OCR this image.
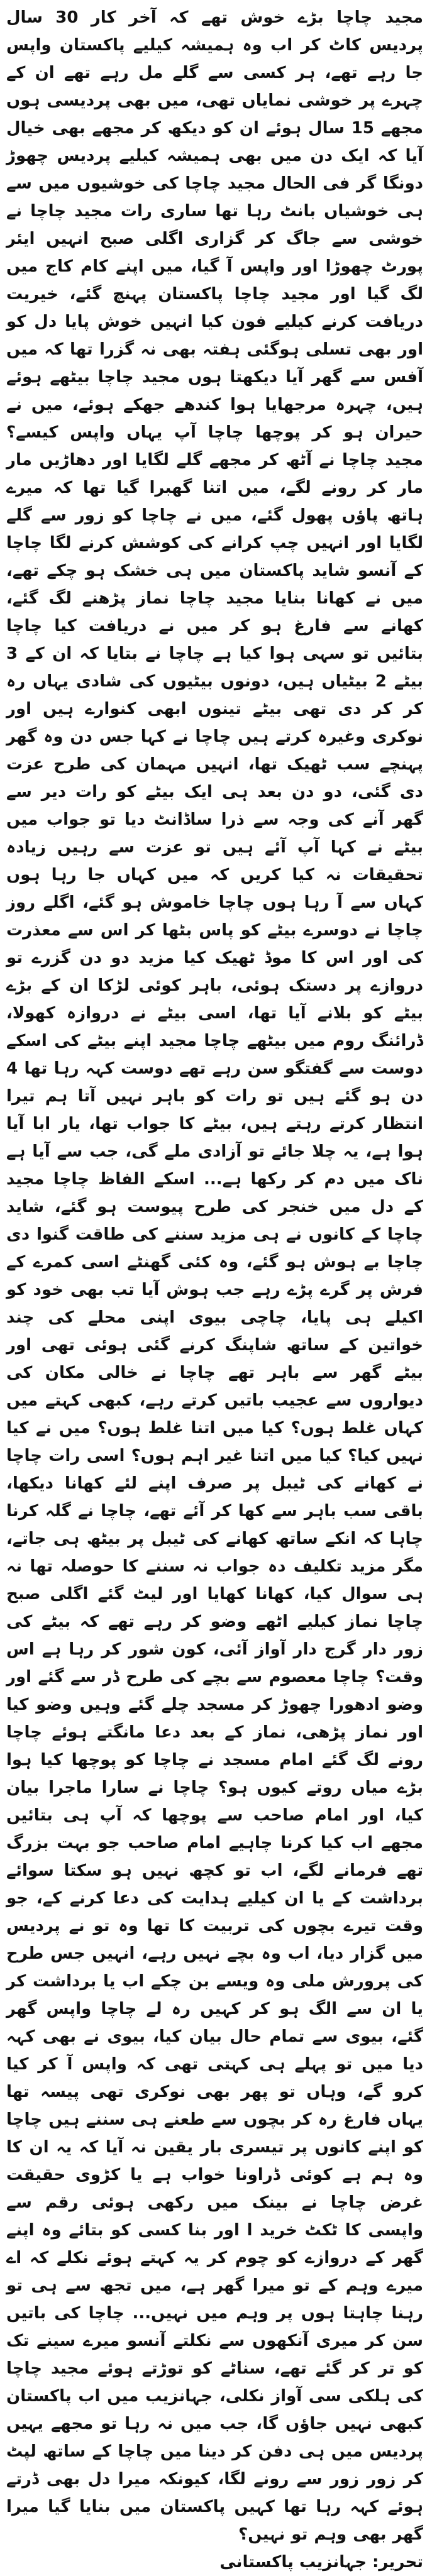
مجید چاچا بڑے خوش تھے کہ آخر کار 30 سال پردیس کاٹ کر اب وہ ہمیشہ کیلیے پاکستان واپس جا رہے تھے، ہر کسی سے گلے مل رہے تھے ان کے چہرے پر خوشی نمایاں تھی، میں بھی پردیسی ہوں مجھے 15 سال ہوئے ان کو دیکھ کر مجھے بھی خیال آیا کہ ایک دن میں بھی ہمیشہ کیلیے پردیس چھوڑ دونگا گر فی الحال مجید چاچا کی خوشیوں میں سے ہی خوشیاں بانٹ رہا تھا ساری رات مجید چاچا نے خوشی سے جاگ کر گزاری اگلی صبح انہیں ایئر پورٹ چھوڑا اور واپس آ گیا، میں اپنے کام کاج میں لگ گیا اور مجید چاچا پاکستان پہنچ گئے، خیریت دریافت کرنے کیلیے فون کیا انہیں خوش پایا دل کو اور بھی تسلی ہوگئی ہفتہ بھی نہ گزرا تھا کہ میں آفس سے گھر آیا دیکھتا ہوں مجید چاچا بیٹھے ہوئے ہیں، چہرہ مرجھایا ہوا کندھے جھکے ہوئے، میں نے حیران ہو کر پوچھا چاچا آپ یہاں واپس کیسے؟ مجید چاچا نے آٹھ کر مجھے گلے لگایا اور دھاڑیں مار مار کر رونے لگے، میں اتنا گھبرا گیا تھا کہ میرے ہاتھ پاؤں پھول گئے، میں نے چاچا کو زور سے گلے لگایا اور انہیں چپ کرانے کی کوشش کرنے لگا چاچا کے آنسو شاید پاکستان میں ہی خشک ہو چکے تھے، میں نے کھانا بنایا مجید چاچا نماز پڑھنے لگ گئے، کھانے سے فارغ ہو کر میں نے دریافت کیا چاچا بتائیں تو سہی ہوا کیا ہے چاچا نے بتایا کہ ان کے 3 بیٹے 2 بیٹیاں ہیں، دونوں بیٹیوں کی شادی یہاں رہ کر کر دی تھی بیٹے تینوں ابھی کنوارے ہیں اور نوکری وغیرہ کرتے ہیں چاچا نے کہا جس دن وہ گھر پہنچے سب ٹھیک تھا، انہیں مہمان کی طرح عزت دی گئی، دو دن بعد ہی ایک بیٹے کو رات دیر سے گھر آنے کی وجہ سے ذرا ساڈانٹ دیا تو جواب میں بیٹے نے کہا آپ آئے ہیں تو عزت سے رہیں زیادہ تحقیقات نہ کیا کریں کہ میں کہاں جا رہا ہوں کہاں سے آ رہا ہوں چاچا خاموش ہو گئے، اگلے روز چاچا نے دوسرے بیٹے کو پاس بٹھا کر اس سے معذرت کی اور اس کا موڈ ٹھیک کیا مزید دو دن گزرے تو دروازے پر دستک ہوئی، باہر کوئی لڑکا ان کے بڑے بیٹے کو بلانے آیا تھا، اسی بیٹے نے دروازہ کھولا، ڈرائنگ روم میں بیٹھے چاچا مجید اپنے بیٹے کی اسکے دوست سے گفتگو سن رہے تھے دوست کہہ رہا تھا 4 دن ہو گئے ہیں تو رات کو باہر نہیں آتا ہم تیرا انتظار کرتے رہتے ہیں، بیٹے کا جواب تھا، یار ابا آیا ہوا ہے، یہ چلا جائے تو آزادی ملے گی، جب سے آیا ہے ناک میں دم کر رکھا ہے... اسکے الفاظ چاچا مجید کے دل میں خنجر کی طرح پیوست ہو گئے، شاید چاچا کے کانوں نے ہی مزید سننے کی طاقت گنوا دی چاچا بے ہوش ہو گئے، وہ کئی گھنٹے اسی کمرے کے فرش پر گرے پڑے رہے جب ہوش آیا تب بھی خود کو اکیلے ہی پایا، چاچی بیوی اپنی محلے کی چند خواتین کے ساتھ شاپنگ کرنے گئی ہوئی تھی اور بیٹے گھر سے باہر تھے چاچا نے خالی مکان کی دیواروں سے عجیب باتیں کرتے رہے، کبھی کہتے میں کہاں غلط ہوں؟ کیا میں اتنا غلط ہوں؟ میں نے کیا نہیں کیا؟ کیا میں اتنا غیر اہم ہوں؟ اسی رات چاچا نے کھانے کی ٹیبل پر صرف اپنے لئے کھانا دیکھا، باقی سب باہر سے کھا کر آئے تھے، چاچا نے گلہ کرنا چاہا کہ انکے ساتھ کھانے کی ٹیبل پر بیٹھ ہی جاتے، مگر مزید تکلیف دہ جواب نہ سننے کا حوصلہ تھا نہ ہی سوال کیا، کھانا کھایا اور لیٹ گئے اگلی صبح چاچا نماز کیلیے اٹھے وضو کر رہے تھے کہ بیٹے کی زور دار گرج دار آواز آئی، کون شور کر رہا ہے اس وقت؟ چاچا معصوم سے بچے کی طرح ڈر سے گئے اور وضو ادھورا چھوڑ کر مسجد چلے گئے وہیں وضو کیا اور نماز پڑھی، نماز کے بعد دعا مانگتے ہوئے چاچا رونے لگ گئے امام مسجد نے چاچا کو پوچھا کیا ہوا بڑے میاں روتے کیوں ہو؟ چاچا نے سارا ماجرا بیان کیا، اور امام صاحب سے پوچھا کہ آپ ہی بتائیں مجھے اب کیا کرنا چاہیے امام صاحب جو بہت بزرگ تھے فرمانے لگے، اب تو کچھ نہیں ہو سکتا سوائے برداشت کے یا ان کیلیے ہدایت کی دعا کرنے کے، جو وقت تیرے بچوں کی تربیت کا تھا وہ تو نے پردیس میں گزار دیا، اب وہ بچے نہیں رہے، انہیں جس طرح کی پرورش ملی وہ ویسے بن چکے اب یا برداشت کر یا ان سے الگ ہو کر کہیں رہ لے چاچا واپس گھر گئے، بیوی سے تمام حال بیان کیا، بیوی نے بھی کہہ دیا میں تو پہلے ہی کہتی تھی کہ واپس آ کر کیا کرو گے، وہاں تو پھر بھی نوکری تھی پیسہ تھا یہاں فارغ رہ کر بچوں سے طعنے ہی سننے ہیں چاچا کو اپنے کانوں پر تیسری بار یقین نہ آیا کہ یہ ان کا وہ ہم ہے کوئی ڈراونا خواب ہے یا کڑوی حقیقت غرض چاچا نے بینک میں رکھی ہوئی رقم سے واپسی کا ٹکٹ خرید ا اور بنا کسی کو بتائے وہ اپنے گھر کے دروازے کو چوم کر یہ کہتے ہوئے نکلے کہ اے میرے وہم کے تو میرا گھر ہے، میں تجھ سے ہی تو رہنا چاہتا ہوں پر وہم میں نہیں... چاچا کی باتیں سن کر میری آنکھوں سے نکلتے آنسو میرے سینے تک کو تر کر گئے تھے، سناٹے کو توڑتے ہوئے مجید چاچا کی ہلکی سی آواز نکلی، جہانزیب میں اب پاکستان کبھی نہیں جاؤں گا، جب میں نہ رہا تو مجھے یہیں پردیس میں ہی دفن کر دینا میں چاچا کے ساتھ لپٹ کر زور زور سے رونے لگا، کیونکہ میرا دل بھی ڈرتے ہوئے کہہ رہا تھا کہیں پاکستان میں بنایا گیا میرا گھر بھی وہم تو نہیں؟

تحریر: جہانزیب پاکستانی
